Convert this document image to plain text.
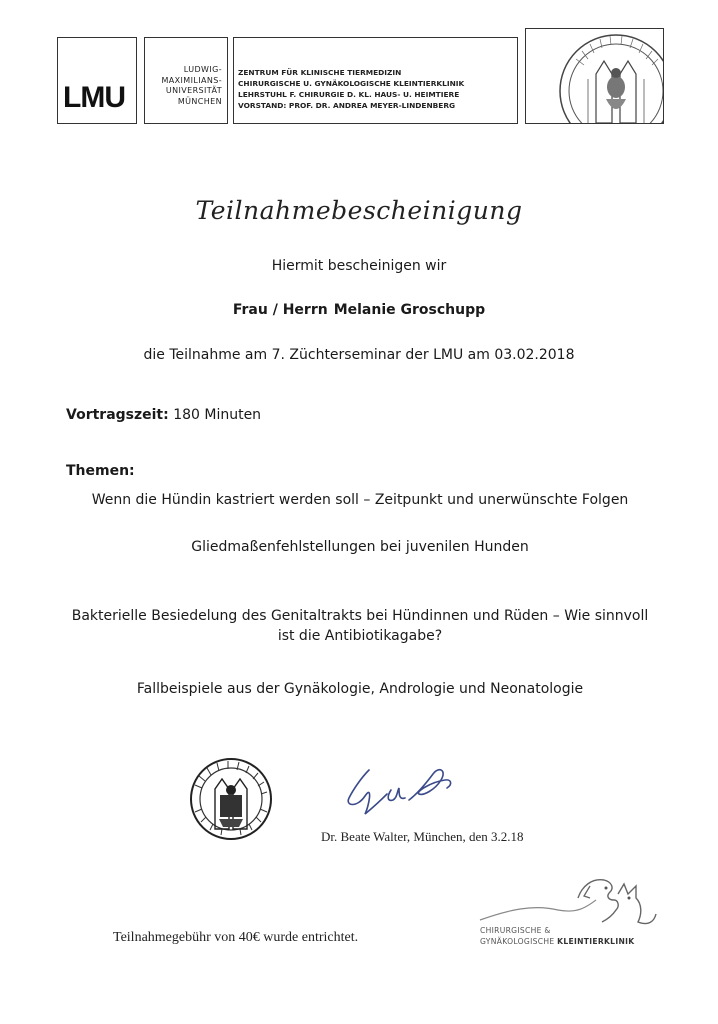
LMU
LUDWIG-
MAXIMILIANS-
UNIVERSITÄT
MÜNCHEN
ZENTRUM FÜR KLINISCHE TIERMEDIZIN
CHIRURGISCHE U. GYNÄKOLOGISCHE KLEINTIERKLINIK
LEHRSTUHL F. CHIRURGIE D. KL. HAUS- U. HEIMTIERE
VORSTAND: PROF. DR. ANDREA MEYER-LINDENBERG
Teilnahmebescheinigung
Hiermit bescheinigen wir
Frau / Herrn Melanie Groschupp
die Teilnahme am 7. Züchterseminar der LMU am 03.02.2018
Vortragszeit: 180 Minuten
Themen:
Wenn die Hündin kastriert werden soll – Zeitpunkt und unerwünschte Folgen
Gliedmaßenfehlstellungen bei juvenilen Hunden
Bakterielle Besiedelung des Genitaltrakts bei Hündinnen und Rüden – Wie sinnvoll
ist die Antibiotikagabe?
Fallbeispiele aus der Gynäkologie, Andrologie und Neonatologie
Dr. Beate Walter, München, den 3.2.18
Teilnahmegebühr von 40€ wurde entrichtet.	CHIRURGISCHE &
GYNÄKOLOGISCHE KLEINTIERKLINIK
